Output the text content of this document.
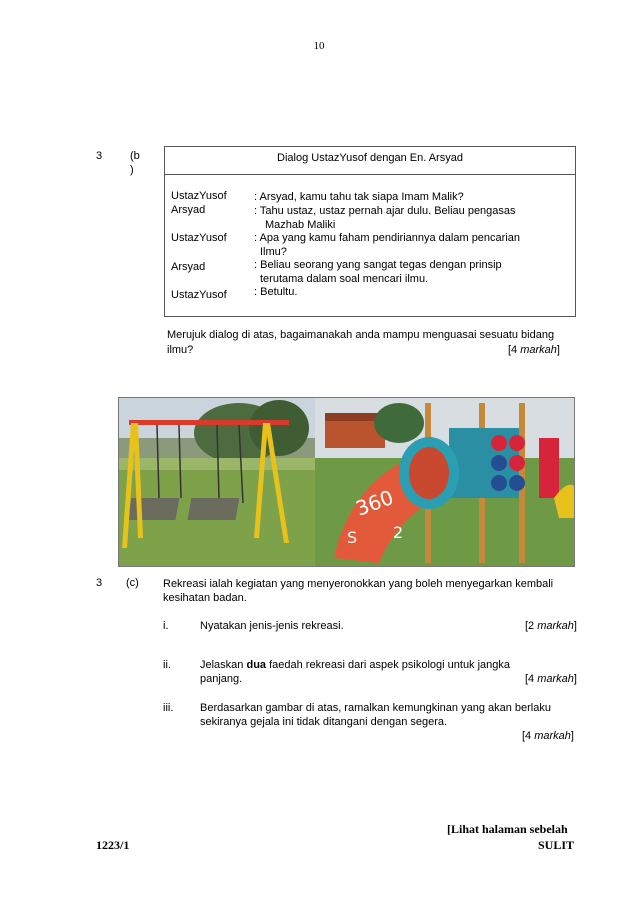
10
3	(b
)
Dialog UstazYusof dengan En. Arsyad
UstazYusof : Arsyad, kamu tahu tak siapa Imam Malik?
Arsyad	: Tahu ustaz, ustaz pernah ajar dulu. Beliau pengasas
Mazhab Maliki
UstazYusof : Apa yang kamu faham pendiriannya dalam pencarian
Ilmu?
Arsyad	: Beliau seorang yang sangat tegas dengan prinsip
terutama dalam soal mencari ilmu.
UstazYusof : Betultu.
Merujuk dialog di atas, bagaimanakah anda mampu menguasai sesuatu bidang
ilmu?	[4 markah]
360
S 2
3 (c) Rekreasi ialah kegiatan yang menyeronokkan yang boleh menyegarkan kembali
kesihatan badan.
i.	Nyatakan jenis-jenis rekreasi.	[2 markah]
ii.	Jelaskan dua faedah rekreasi dari aspek psikologi untuk jangka
panjang.	[4 markah]
iii. Berdasarkan gambar di atas, ramalkan kemungkinan yang akan berlaku
sekiranya gejala ini tidak ditangani dengan segera.
[4 markah]
[Lihat halaman sebelah
1223/1	SULIT
